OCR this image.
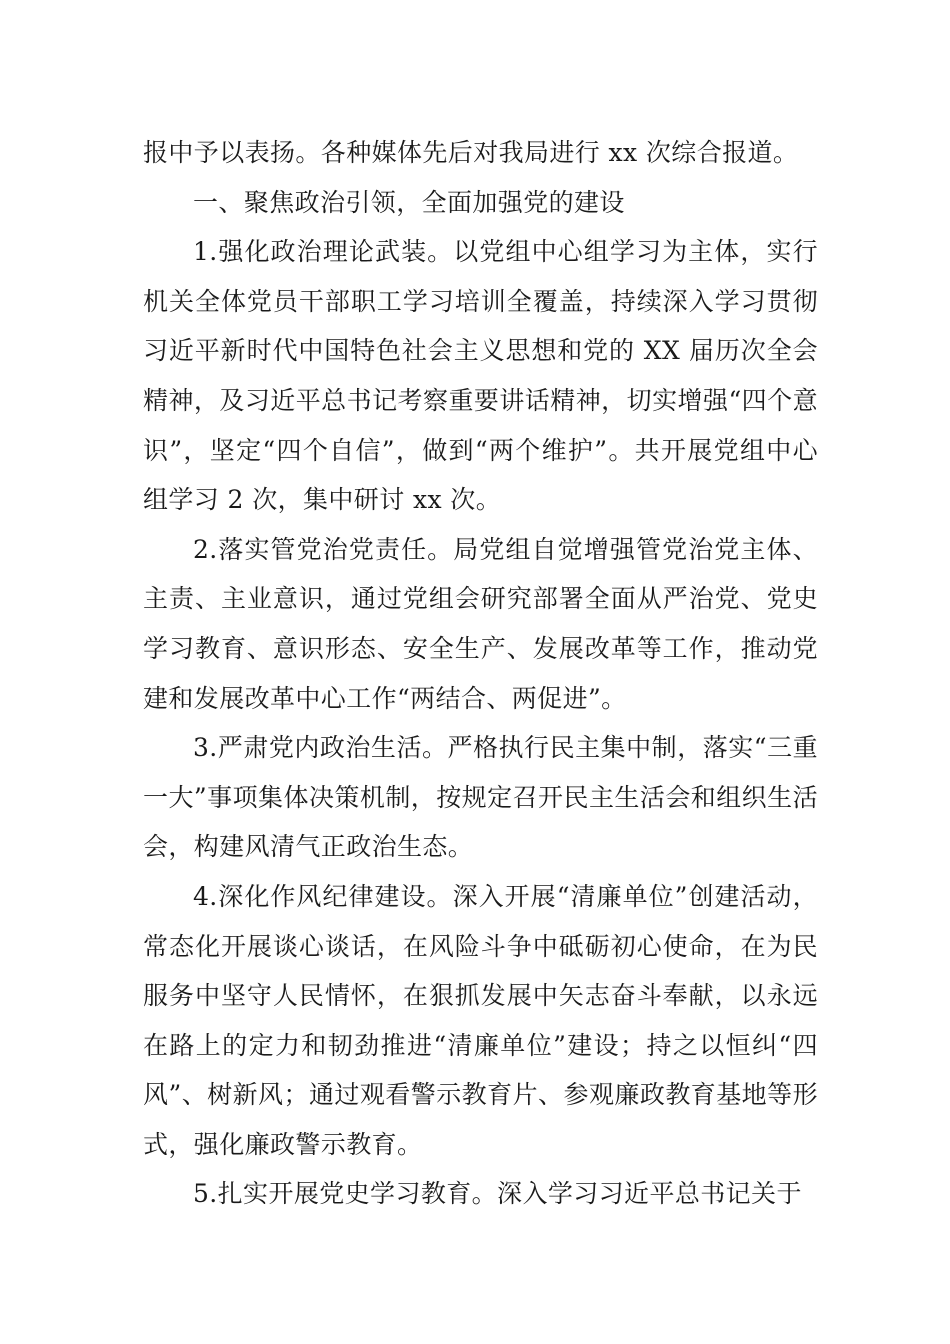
报中予以表扬。各种媒体先后对我局进行 xx 次综合报道。

一、聚焦政治引领，全面加强党的建设

1.强化政治理论武装。以党组中心组学习为主体，实行机关全体党员干部职工学习培训全覆盖，持续深入学习贯彻习近平新时代中国特色社会主义思想和党的 XX 届历次全会精神，及习近平总书记考察重要讲话精神，切实增强“四个意识”，坚定“四个自信”，做到“两个维护”。共开展党组中心组学习 2 次，集中研讨 xx 次。

2.落实管党治党责任。局党组自觉增强管党治党主体、主责、主业意识，通过党组会研究部署全面从严治党、党史学习教育、意识形态、安全生产、发展改革等工作，推动党建和发展改革中心工作“两结合、两促进”。

3.严肃党内政治生活。严格执行民主集中制，落实“三重一大”事项集体决策机制，按规定召开民主生活会和组织生活会，构建风清气正政治生态。

4.深化作风纪律建设。深入开展“清廉单位”创建活动，常态化开展谈心谈话，在风险斗争中砥砺初心使命，在为民服务中坚守人民情怀，在狠抓发展中矢志奋斗奉献，以永远在路上的定力和韧劲推进“清廉单位”建设；持之以恒纠“四风”、树新风；通过观看警示教育片、参观廉政教育基地等形式，强化廉政警示教育。

5.扎实开展党史学习教育。深入学习习近平总书记关于
